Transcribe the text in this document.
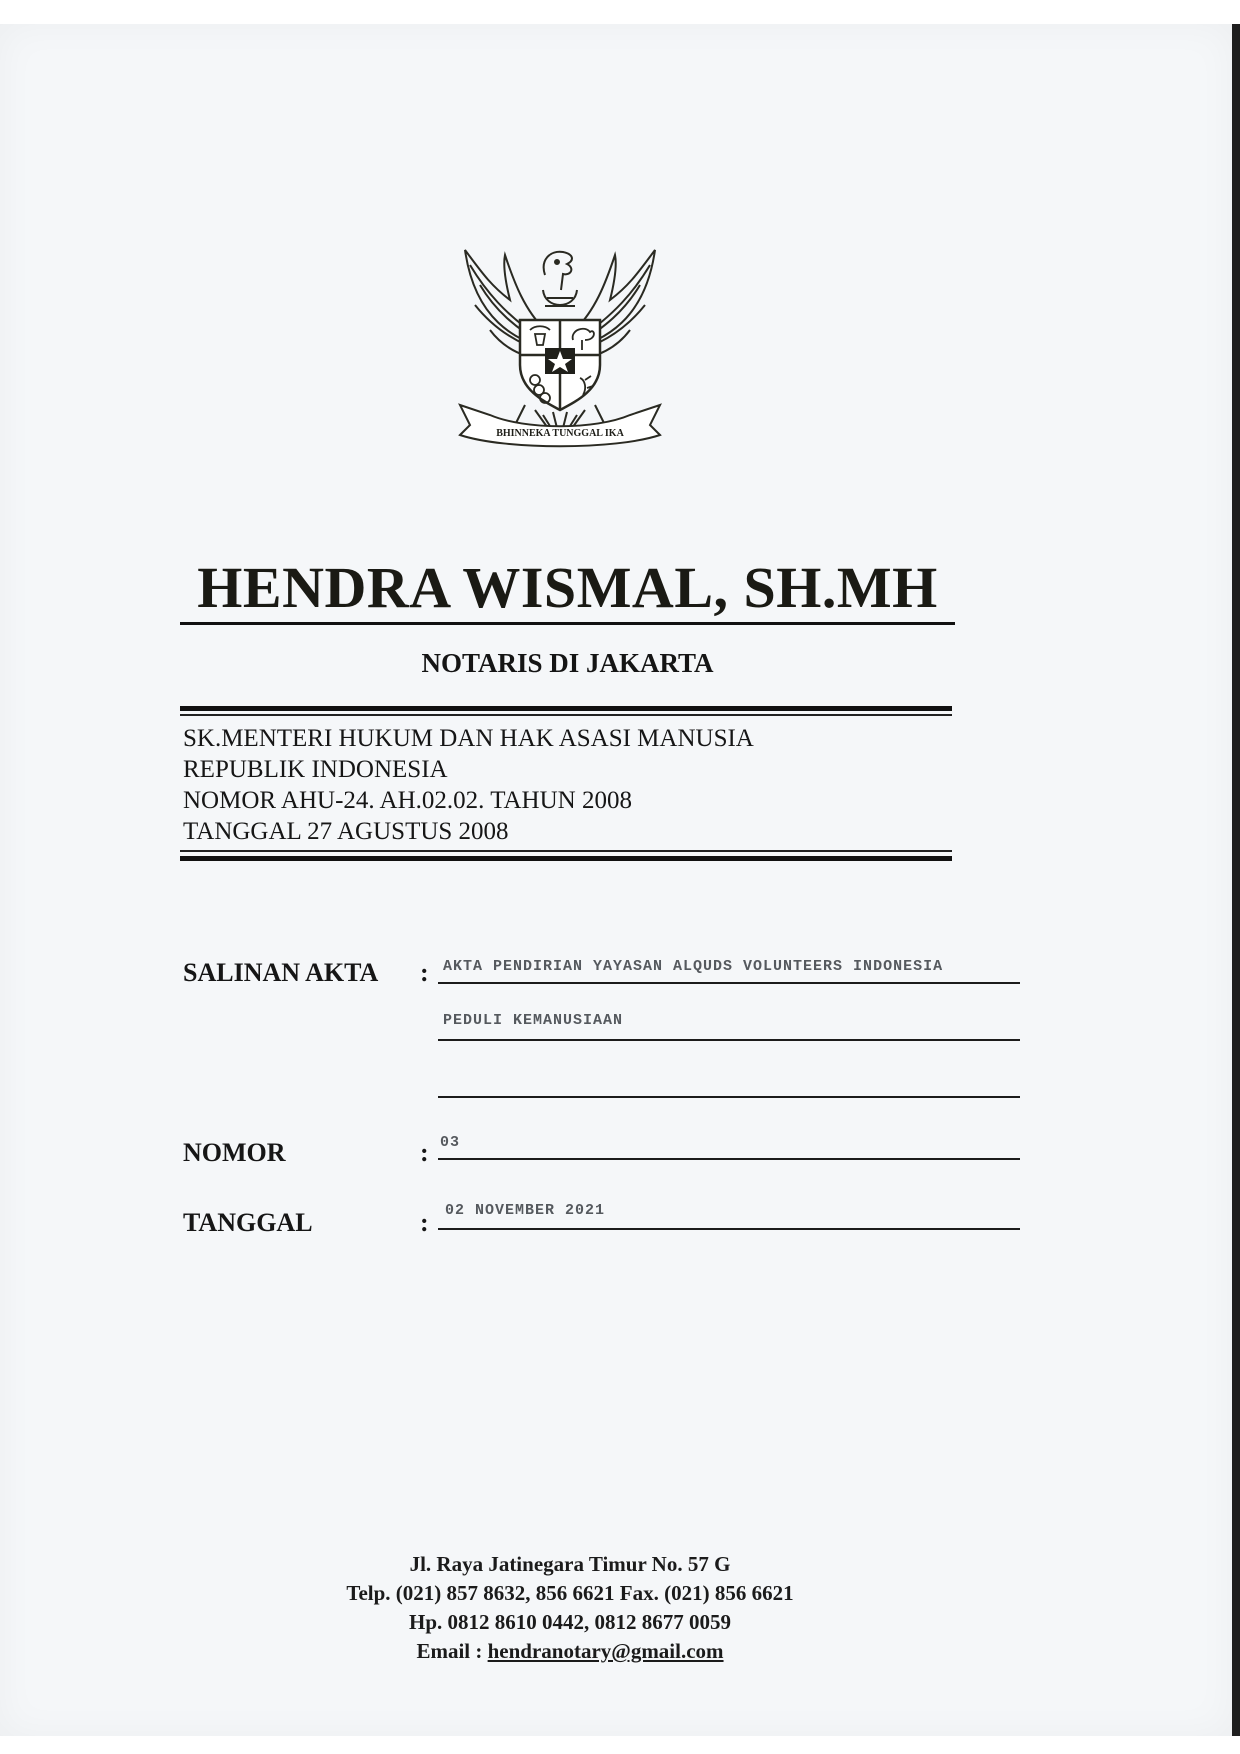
BHINNEKA TUNGGAL IKA
HENDRA WISMAL, SH.MH
NOTARIS DI JAKARTA
SK.MENTERI HUKUM DAN HAK ASASI MANUSIA
REPUBLIK INDONESIA
NOMOR AHU-24. AH.02.02. TAHUN 2008
TANGGAL 27 AGUSTUS 2008
SALINAN AKTA : AKTA PENDIRIAN YAYASAN ALQUDS VOLUNTEERS INDONESIA
PEDULI KEMANUSIAAN
NOMOR	: 03
TANGGAL	: 02 NOVEMBER 2021
Jl. Raya Jatinegara Timur No. 57 G
Telp. (021) 857 8632, 856 6621 Fax. (021) 856 6621
Hp. 0812 8610 0442, 0812 8677 0059
Email : hendranotary@gmail.com
